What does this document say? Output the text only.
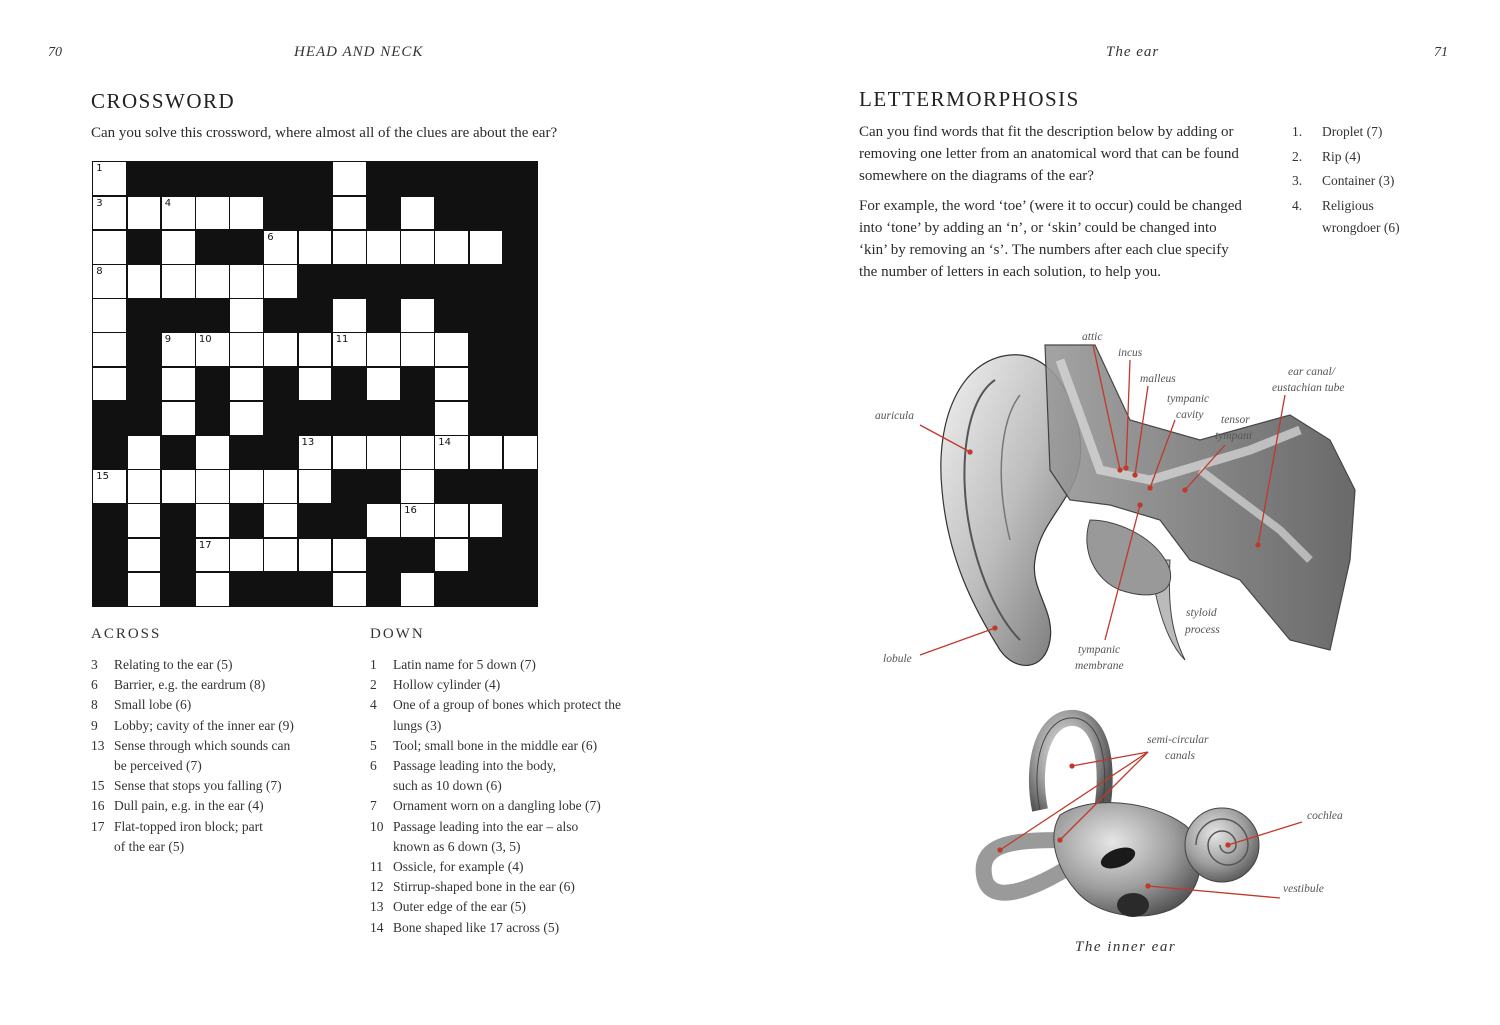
70	HEAD AND NECK
CROSSWORD

Can you solve this crossword, where almost all of the clues are about the ear?

1
3	4
6
8
9	10	11
13	14
15
16
17
ACROSS
3	Relating to the ear (5)
6	Barrier, e.g. the eardrum (8)
8	Small lobe (6)
9	Lobby; cavity of the inner ear (9)
13 Sense through which sounds can be perceived (7)
15 Sense that stops you falling (7)
16 Dull pain, e.g. in the ear (4)
17 Flat-topped iron block; part of the ear (5)
DOWN
1	Latin name for 5 down (7)
2	Hollow cylinder (4)
4	One of a group of bones which protect the lungs (3)
5	Tool; small bone in the middle ear (6)
6	Passage leading into the body, such as 10 down (6)
7	Ornament worn on a dangling lobe (7)
10 Passage leading into the ear – also known as 6 down (3, 5)
11 Ossicle, for example (4)
12 Stirrup-shaped bone in the ear (6)
13 Outer edge of the ear (5)
14 Bone shaped like 17 across (5)
The ear	71
LETTERMORPHOSIS

Can you find words that fit the description below by adding or removing one letter from an anatomical word that can be found somewhere on the diagrams of the ear?

For example, the word ‘toe’ (were it to occur) could be changed into ‘tone’ by adding an ‘n’, or ‘skin’ could be changed into ‘kin’ by removing an ‘s’. The numbers after each clue specify the number of letters in each solution, to help you.

1.	Droplet (7)
2.	Rip (4)
3.	Container (3)
4.	Religious wrongdoer (6)
attic
incus
malleus
tympanic
cavity tensor
tympani
ear canal/
eustachian tube
auricula
lobule
styloid
process
tympanic
membrane
semi-circular
canals
cochlea
vestibule
The inner ear
